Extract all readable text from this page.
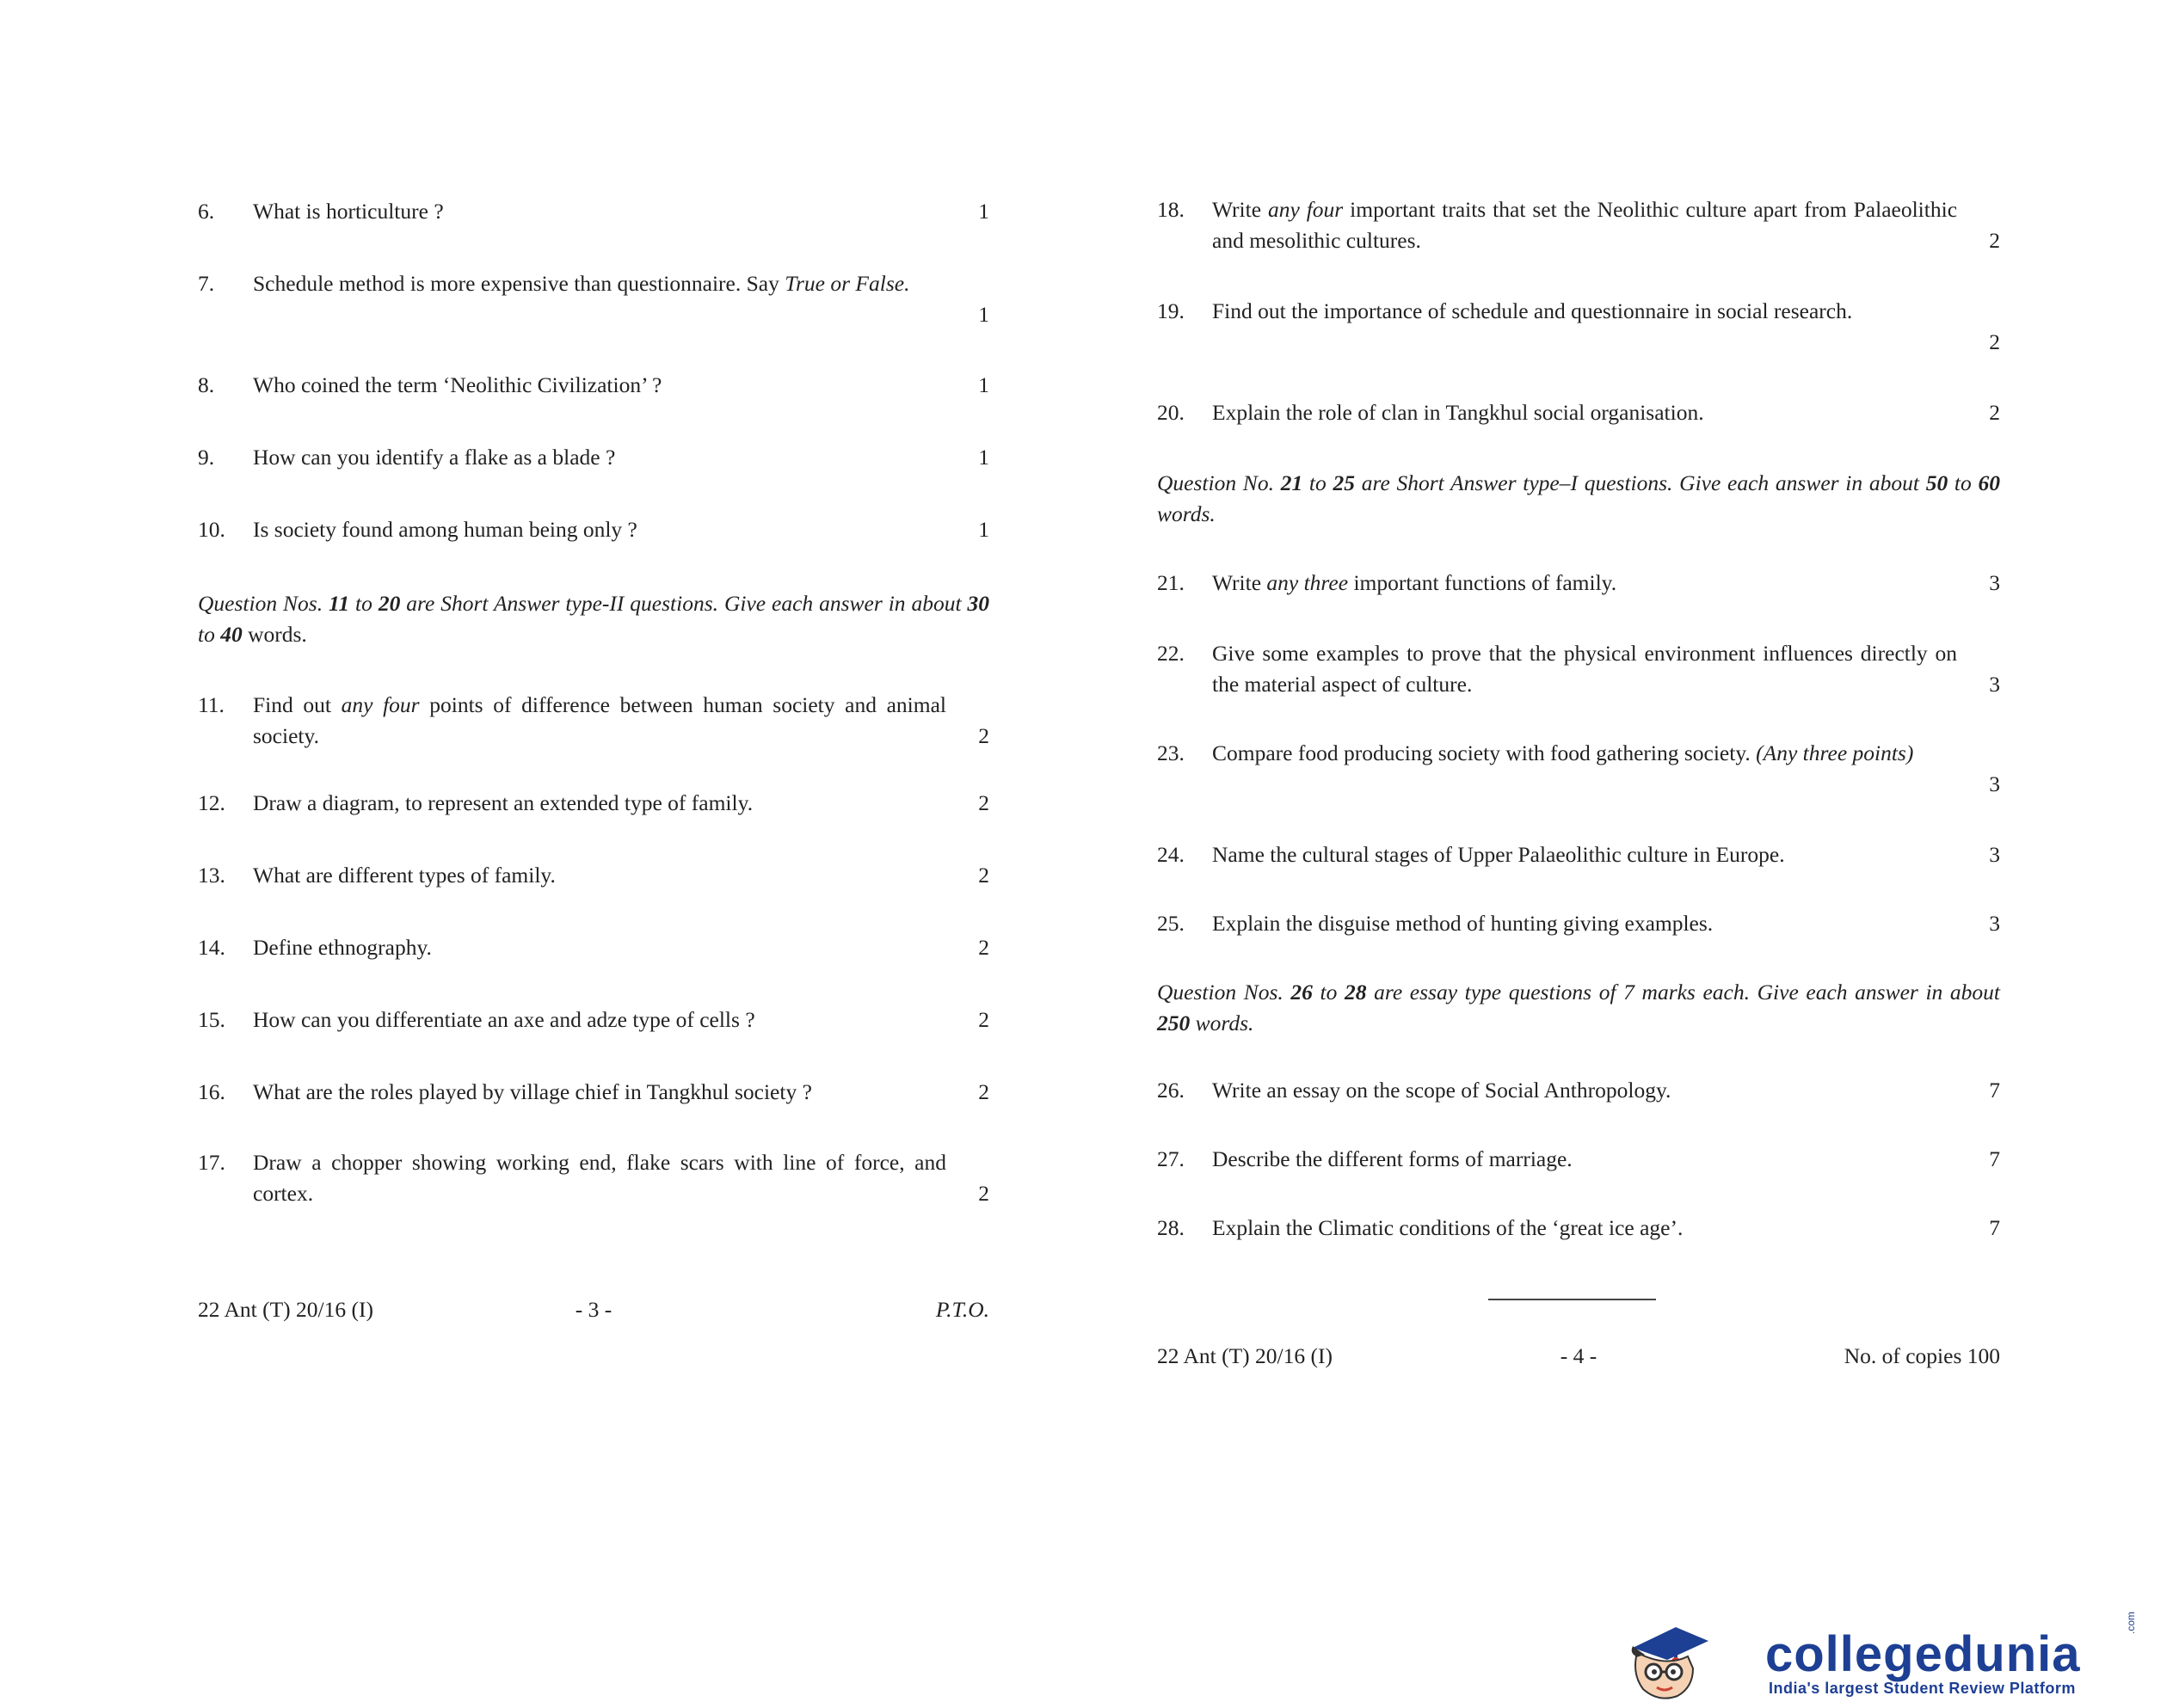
6. What is horticulture ?	1
7. Schedule method is more expensive than questionnaire. Say True or False.
1
8. Who coined the term ‘Neolithic Civilization’ ?	1
9. How can you identify a flake as a blade ?	1
10. Is society found among human being only ?	1
Question Nos. 11 to 20 are Short Answer type-II questions. Give each answer in about 30 to 40 words.
11. Find out any four points of difference between human society and animal society.	2
12. Draw a diagram, to represent an extended type of family.	2
13. What are different types of family.	2
14. Define ethnography.	2
15. How can you differentiate an axe and adze type of cells ?	2
16. What are the roles played by village chief in Tangkhul society ?	2
17. Draw a chopper showing working end, flake scars with line of force, and cortex.	2
22 Ant (T) 20/16 (I)	- 3 -	P.T.O.
18. Write any four important traits that set the Neolithic culture apart from Palaeolithic and mesolithic cultures.	2
19. Find out the importance of schedule and questionnaire in social research.
2
20. Explain the role of clan in Tangkhul social organisation.	2
Question No. 21 to 25 are Short Answer type–I questions. Give each answer in about 50 to 60 words.
21. Write any three important functions of family.	3
22. Give some examples to prove that the physical environment influences directly on the material aspect of culture.	3
23. Compare food producing society with food gathering society. (Any three points)
3
24. Name the cultural stages of Upper Palaeolithic culture in Europe.	3
25. Explain the disguise method of hunting giving examples.	3
Question Nos. 26 to 28 are essay type questions of 7 marks each. Give each answer in about 250 words.
26. Write an essay on the scope of Social Anthropology.	7
27. Describe the different forms of marriage.	7
28. Explain the Climatic conditions of the ‘great ice age’.	7
22 Ant (T) 20/16 (I)	- 4 -	No. of copies 100
collegedunia
.com
India's largest Student Review Platform
